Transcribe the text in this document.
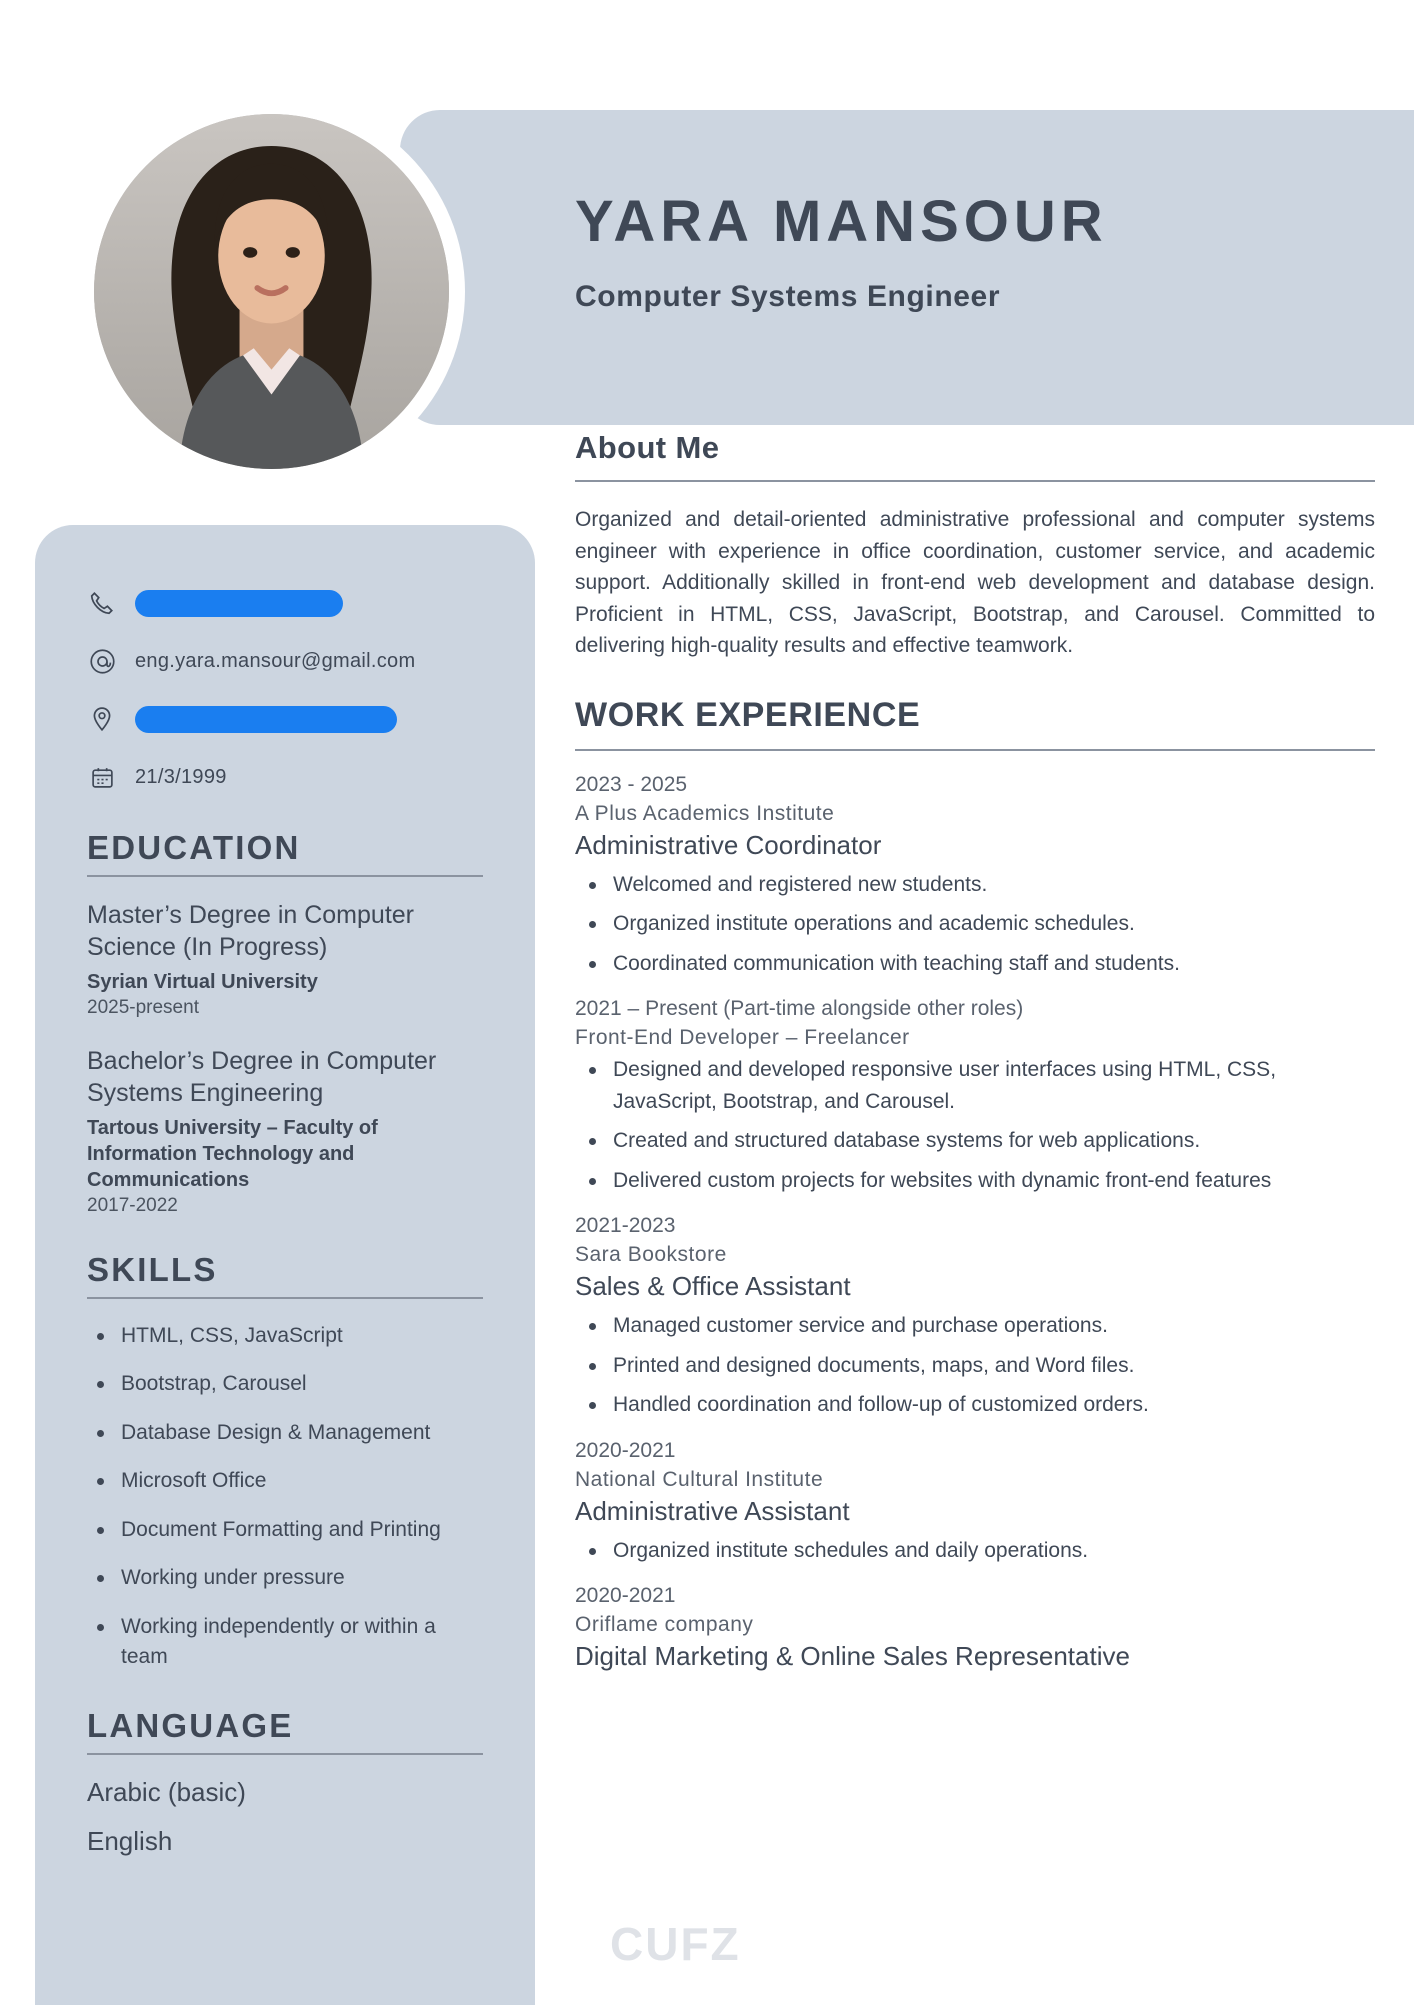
YARA MANSOUR
Computer Systems Engineer
eng.yara.mansour@gmail.com
21/3/1999
EDUCATION
Master’s Degree in Computer Science (In Progress)
Syrian Virtual University
2025-present
Bachelor’s Degree in Computer Systems Engineering
Tartous University – Faculty of Information Technology and Communications
2017-2022
SKILLS
HTML, CSS, JavaScript
Bootstrap, Carousel
Database Design & Management
Microsoft Office
Document Formatting and Printing
Working under pressure
Working independently or within a team
LANGUAGE
Arabic (basic)
English
About Me

Organized and detail-oriented administrative professional and computer systems engineer with experience in office coordination, customer service, and academic support. Additionally skilled in front-end web development and database design. Proficient in HTML, CSS, JavaScript, Bootstrap, and Carousel. Committed to delivering high-quality results and effective teamwork.

WORK EXPERIENCE
2023 - 2025
A Plus Academics Institute
Administrative Coordinator
Welcomed and registered new students.
Organized institute operations and academic schedules.
Coordinated communication with teaching staff and students.
2021 – Present (Part-time alongside other roles)
Front-End Developer – Freelancer
Designed and developed responsive user interfaces using HTML, CSS, JavaScript, Bootstrap, and Carousel.
Created and structured database systems for web applications.
Delivered custom projects for websites with dynamic front-end features
2021-2023
Sara Bookstore
Sales & Office Assistant
Managed customer service and purchase operations.
Printed and designed documents, maps, and Word files.
Handled coordination and follow-up of customized orders.
2020-2021
National Cultural Institute
Administrative Assistant
Organized institute schedules and daily operations.
2020-2021
Oriflame company
Digital Marketing & Online Sales Representative
CUFZ
